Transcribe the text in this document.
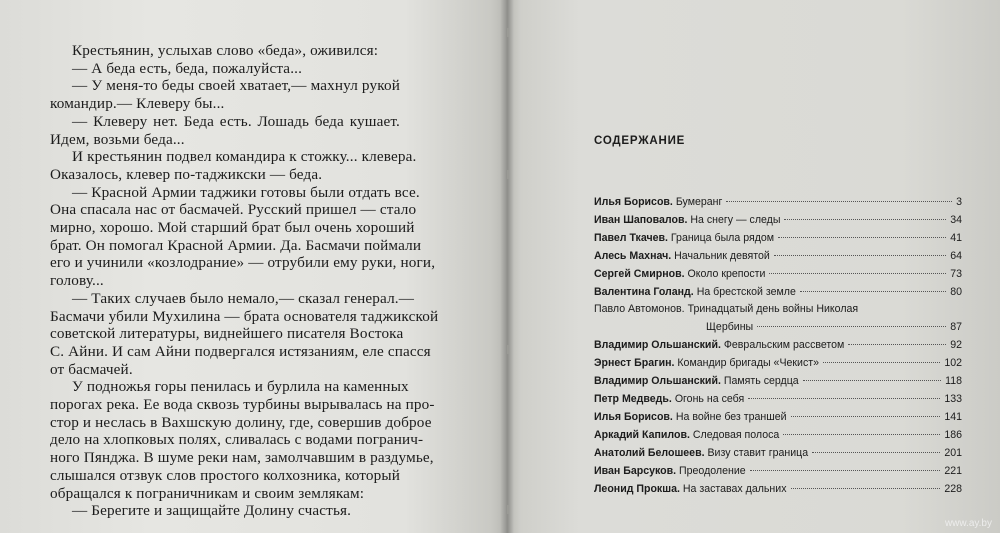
Крестьянин, услыхав слово «беда», оживился:
— А беда есть, беда, пожалуйста...
— У меня-то беды своей хватает,— махнул рукой
командир.— Клеверу бы...
— Клеверу нет. Беда есть. Лошадь беда кушает.
Идем, возьми беда...
И крестьянин подвел командира к стожку... клевера.
Оказалось, клевер по-таджикски — беда.
— Красной Армии таджики готовы были отдать все.
Она спасала нас от басмачей. Русский пришел — стало
мирно, хорошо. Мой старший брат был очень хороший
брат. Он помогал Красной Армии. Да. Басмачи поймали
его и учинили «козлодрание» — отрубили ему руки, ноги,
голову...
— Таких случаев было немало,— сказал генерал.—
Басмачи убили Мухилина — брата основателя таджикской
советской литературы, виднейшего писателя Востока
С. Айни. И сам Айни подвергался истязаниям, еле спасся
от басмачей.
У подножья горы пенилась и бурлила на каменных
порогах река. Ее вода сквозь турбины вырывалась на про-
стор и неслась в Вахшскую долину, где, совершив доброе
дело на хлопковых полях, сливалась с водами погранич-
ного Пянджа. В шуме реки нам, замолчавшим в раздумье,
слышался отзвук слов простого колхозника, который
обращался к пограничникам и своим землякам:
— Берегите и защищайте Долину счастья.
СОДЕРЖАНИЕ
Илья Борисов. Бумеранг	3
Иван Шаповалов. На снегу — следы	34
Павел Ткачев. Граница была рядом	41
Алесь Махнач. Начальник девятой	64
Сергей Смирнов. Около крепости	73
Валентина Голанд. На брестской земле	80
Павло Автомонов. Тринадцатый день войны Николая
Щербины	87
Владимир Ольшанский. Февральским рассветом	92
Эрнест Брагин. Командир бригады «Чекист»	102
Владимир Ольшанский. Память сердца	118
Петр Медведь. Огонь на себя	133
Илья Борисов. На войне без траншей	141
Аркадий Капилов. Следовая полоса	186
Анатолий Белошеев. Визу ставит граница	201
Иван Барсуков. Преодоление	221
Леонид Прокша. На заставах дальних	228
www.ay.by
